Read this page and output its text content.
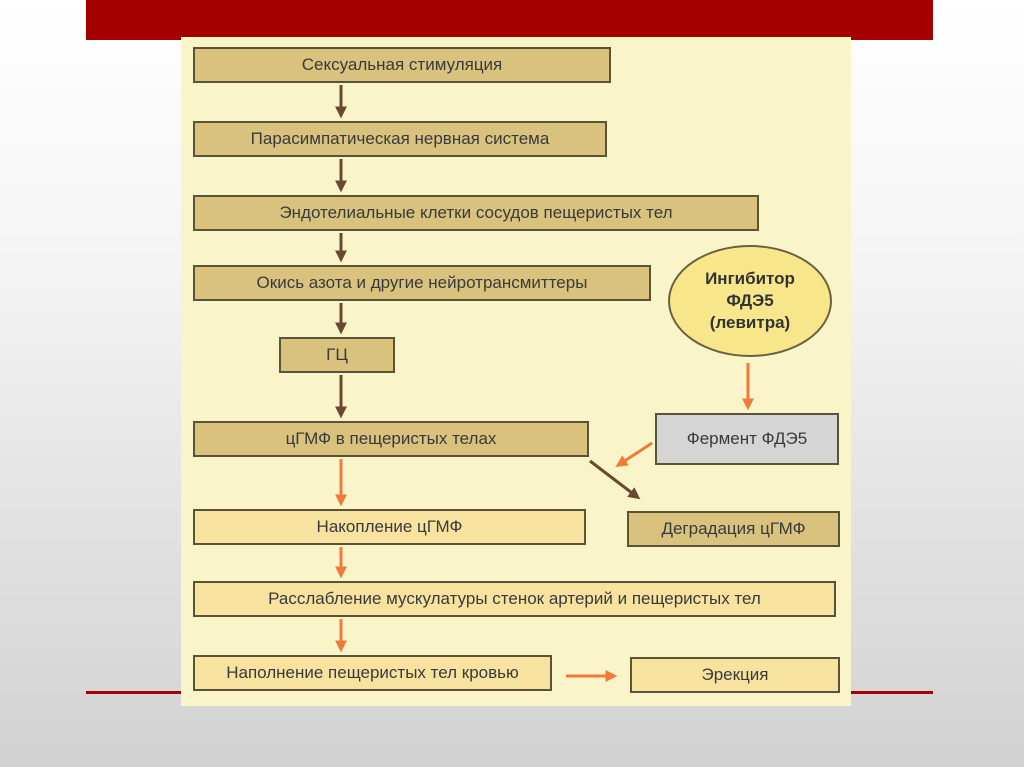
Сексуальная стимуляция
Парасимпатическая нервная система
Эндотелиальные клетки сосудов пещеристых тел
Окись азота и другие нейротрансмиттеры
ГЦ
цГМФ в пещеристых телах
Накопление цГМФ
Расслабление мускулатуры стенок артерий и пещеристых тел
Наполнение пещеристых тел кровью
Ингибитор
ФДЭ5
(левитра)
Фермент ФДЭ5
Деградация цГМФ
Эрекция
